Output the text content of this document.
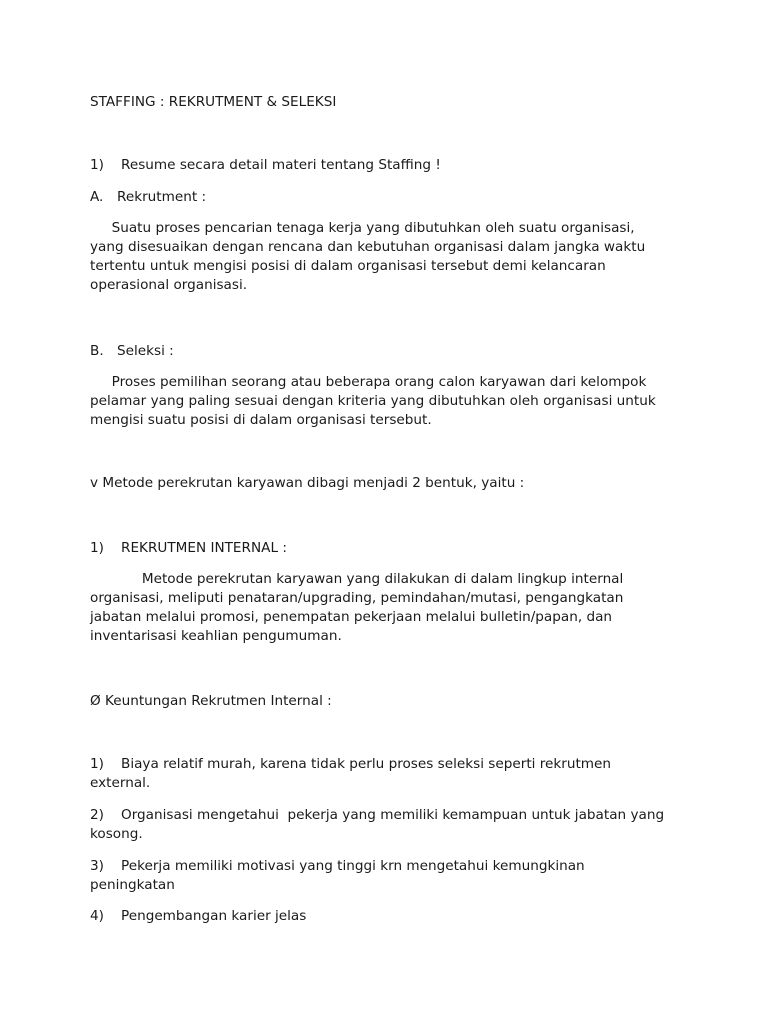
STAFFING : REKRUTMENT & SELEKSI
1) Resume secara detail materi tentang Staffing !
A. Rekrutment :
Suatu proses pencarian tenaga kerja yang dibutuhkan oleh suatu organisasi,
yang disesuaikan dengan rencana dan kebutuhan organisasi dalam jangka waktu
tertentu untuk mengisi posisi di dalam organisasi tersebut demi kelancaran
operasional organisasi.
B. Seleksi :
Proses pemilihan seorang atau beberapa orang calon karyawan dari kelompok
pelamar yang paling sesuai dengan kriteria yang dibutuhkan oleh organisasi untuk
mengisi suatu posisi di dalam organisasi tersebut.
v Metode perekrutan karyawan dibagi menjadi 2 bentuk, yaitu :
1) REKRUTMEN INTERNAL :
Metode perekrutan karyawan yang dilakukan di dalam lingkup internal
organisasi, meliputi penataran/upgrading, pemindahan/mutasi, pengangkatan
jabatan melalui promosi, penempatan pekerjaan melalui bulletin/papan, dan
inventarisasi keahlian pengumuman.
Ø Keuntungan Rekrutmen Internal :
1) Biaya relatif murah, karena tidak perlu proses seleksi seperti rekrutmen
external.
2) Organisasi mengetahui  pekerja yang memiliki kemampuan untuk jabatan yang
kosong.
3) Pekerja memiliki motivasi yang tinggi krn mengetahui kemungkinan
peningkatan
4) Pengembangan karier jelas
